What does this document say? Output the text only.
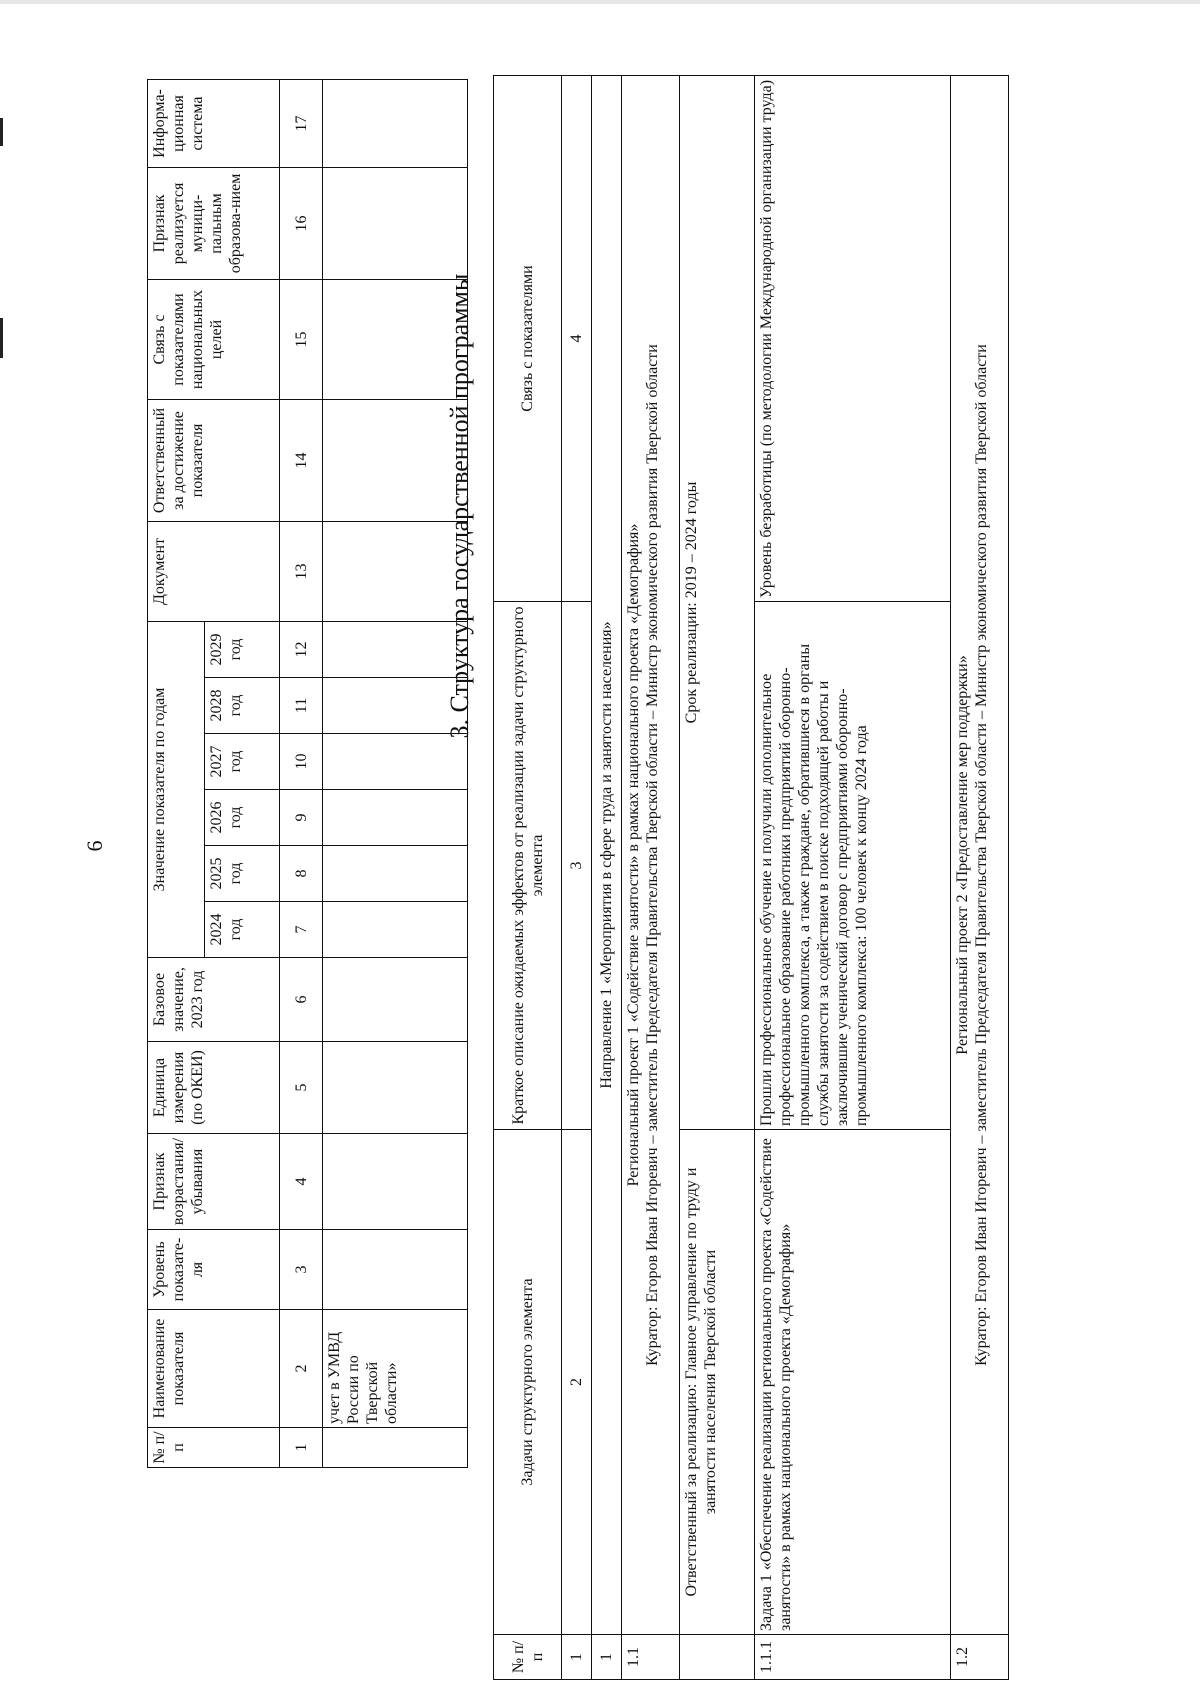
6
№ п/п	Наименование показателя	Уровень показате-ля	Признак возрастания/ убывания	Единица измерения (по ОКЕИ)	Базовое значение, 2023 год	Значение показателя по годам						Документ	Ответственный за достижение показателя	Связь с показателями национальных целей	Признак реализуется муници-пальным образова-нием	Информа-ционная система
						2024 год	2025 год	2026 год	2027 год	2028 год	2029 год					
1	2	3	4	5	6	7	8	9	10	11	12	13	14	15	16	17
	учет в УМВД России по Тверской области»															
3. Структура государственной программы
№ п/п	Задачи структурного элемента	Краткое описание ожидаемых эффектов от реализации задачи структурного элемента	Связь с показателями
1	2	3	4
1	Направление 1 «Мероприятия в сфере труда и занятости населения»		
1.1	Региональный проект 1 «Содействие занятости» в рамках национального проекта «Демография» Куратор: Егоров Иван Игоревич – заместитель Председателя Правительства Тверской области – Министр экономического развития Тверской области		

	Ответственный за реализацию: Главное управление по труду и занятости населения Тверской области	Срок реализации: 2019 – 2024 годы	
1.1.1	Задача 1 «Обеспечение реализации регионального проекта «Содействие занятости» в рамках национального проекта «Демография»	Прошли профессиональное обучение и получили дополнительное профессиональное образование работники предприятий оборонно-промышленного комплекса, а также граждане, обратившиеся в органы службы занятости за содействием в поиске подходящей работы и заключившие ученический договор с предприятиями оборонно-промышленного комплекса: 100 человек к концу 2024 года	Уровень безработицы (по методологии Международной организации труда)
1.2	Региональный проект 2 «Предоставление мер поддержки» Куратор: Егоров Иван Игоревич – заместитель Председателя Правительства Тверской области – Министр экономического развития Тверской области		
